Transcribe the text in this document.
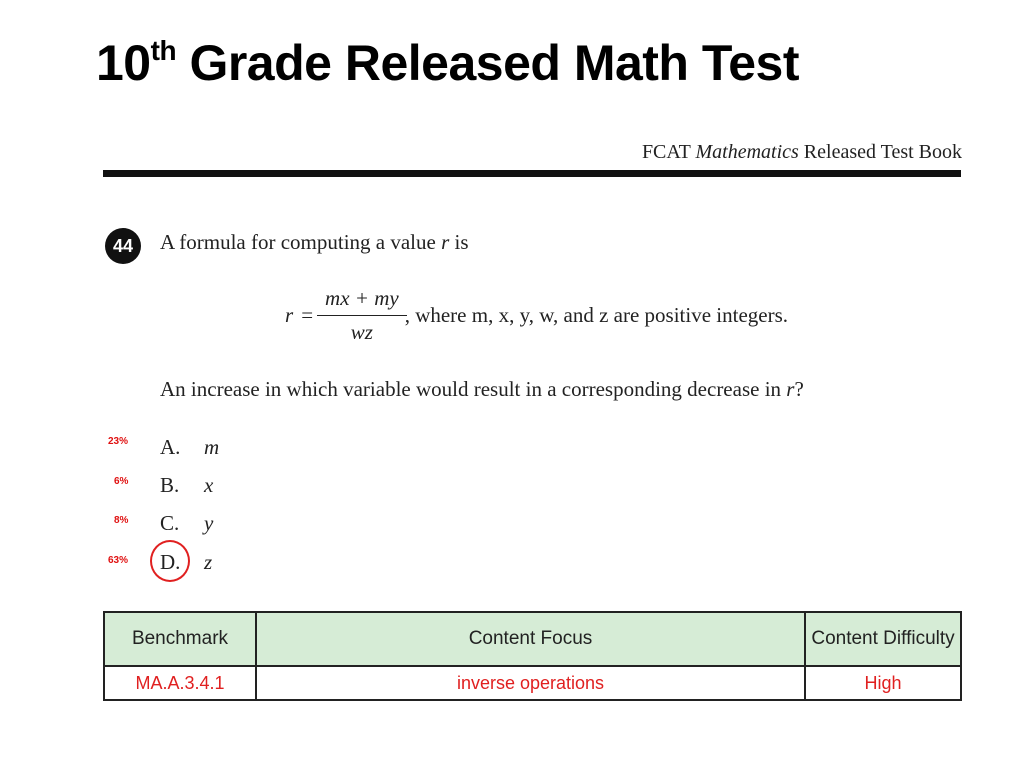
10th Grade Released Math Test
FCAT Mathematics Released Test Book
44	A formula for computing a value r is
$r = \frac{mx + my}{wz}$ , where m, x, y, w, and z are positive integers.
An increase in which variable would result in a corresponding decrease in r?
23% A.	m
6% B.	x
8% C.	y
63% D.	z
Benchmark	Content Focus	Content Difficulty
MA.A.3.4.1	inverse operations	High
